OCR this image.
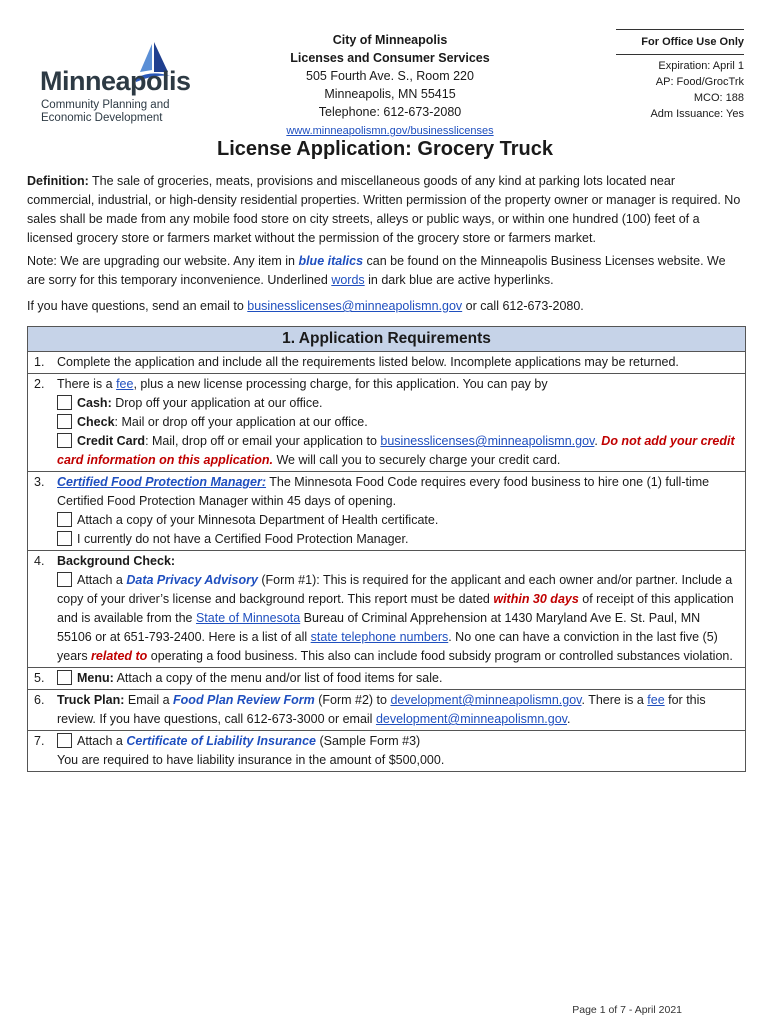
Minneapolis
Community Planning and
Economic Development
City of Minneapolis
Licenses and Consumer Services
505 Fourth Ave. S., Room 220
Minneapolis, MN 55415
Telephone: 612-673-2080
www.minneapolismn.gov/businesslicenses
For Office Use Only
Expiration: April 1
AP: Food/GrocTrk
MCO: 188
Adm Issuance: Yes
License Application: Grocery Truck
Definition: The sale of groceries, meats, provisions and miscellaneous goods of any kind at parking lots located near commercial, industrial, or high-density residential properties. Written permission of the property owner or manager is required. No sales shall be made from any mobile food store on city streets, alleys or public ways, or within one hundred (100) feet of a licensed grocery store or farmers market without the permission of the grocery store or farmers market.
Note: We are upgrading our website. Any item in blue italics can be found on the Minneapolis Business Licenses website. We are sorry for this temporary inconvenience. Underlined words in dark blue are active hyperlinks.
If you have questions, send an email to businesslicenses@minneapolismn.gov or call 612-673-2080.
1. Application Requirements
1. Complete the application and include all the requirements listed below. Incomplete applications may be returned.
2. There is a fee, plus a new license processing charge, for this application. You can pay by
Cash: Drop off your application at our office.
Check: Mail or drop off your application at our office.
Credit Card: Mail, drop off or email your application to businesslicenses@minneapolismn.gov. Do not add your credit card information on this application. We will call you to securely charge your credit card.
3. Certified Food Protection Manager: The Minnesota Food Code requires every food business to hire one (1) full-time Certified Food Protection Manager within 45 days of opening.
Attach a copy of your Minnesota Department of Health certificate.
I currently do not have a Certified Food Protection Manager.
4. Background Check:
Attach a Data Privacy Advisory (Form #1): This is required for the applicant and each owner and/or partner. Include a copy of your driver’s license and background report. This report must be dated within 30 days of receipt of this application and is available from the State of Minnesota Bureau of Criminal Apprehension at 1430 Maryland Ave E. St. Paul, MN 55106 or at 651-793-2400. Here is a list of all state telephone numbers. No one can have a conviction in the last five (5) years related to operating a food business. This also can include food subsidy program or controlled substances violation.
5.	Menu: Attach a copy of the menu and/or list of food items for sale.
6. Truck Plan: Email a Food Plan Review Form (Form #2) to development@minneapolismn.gov. There is a fee for this review. If you have questions, call 612-673-3000 or email development@minneapolismn.gov.
7.	Attach a Certificate of Liability Insurance (Sample Form #3)
You are required to have liability insurance in the amount of $500,000.
Page 1 of 7 - April 2021
